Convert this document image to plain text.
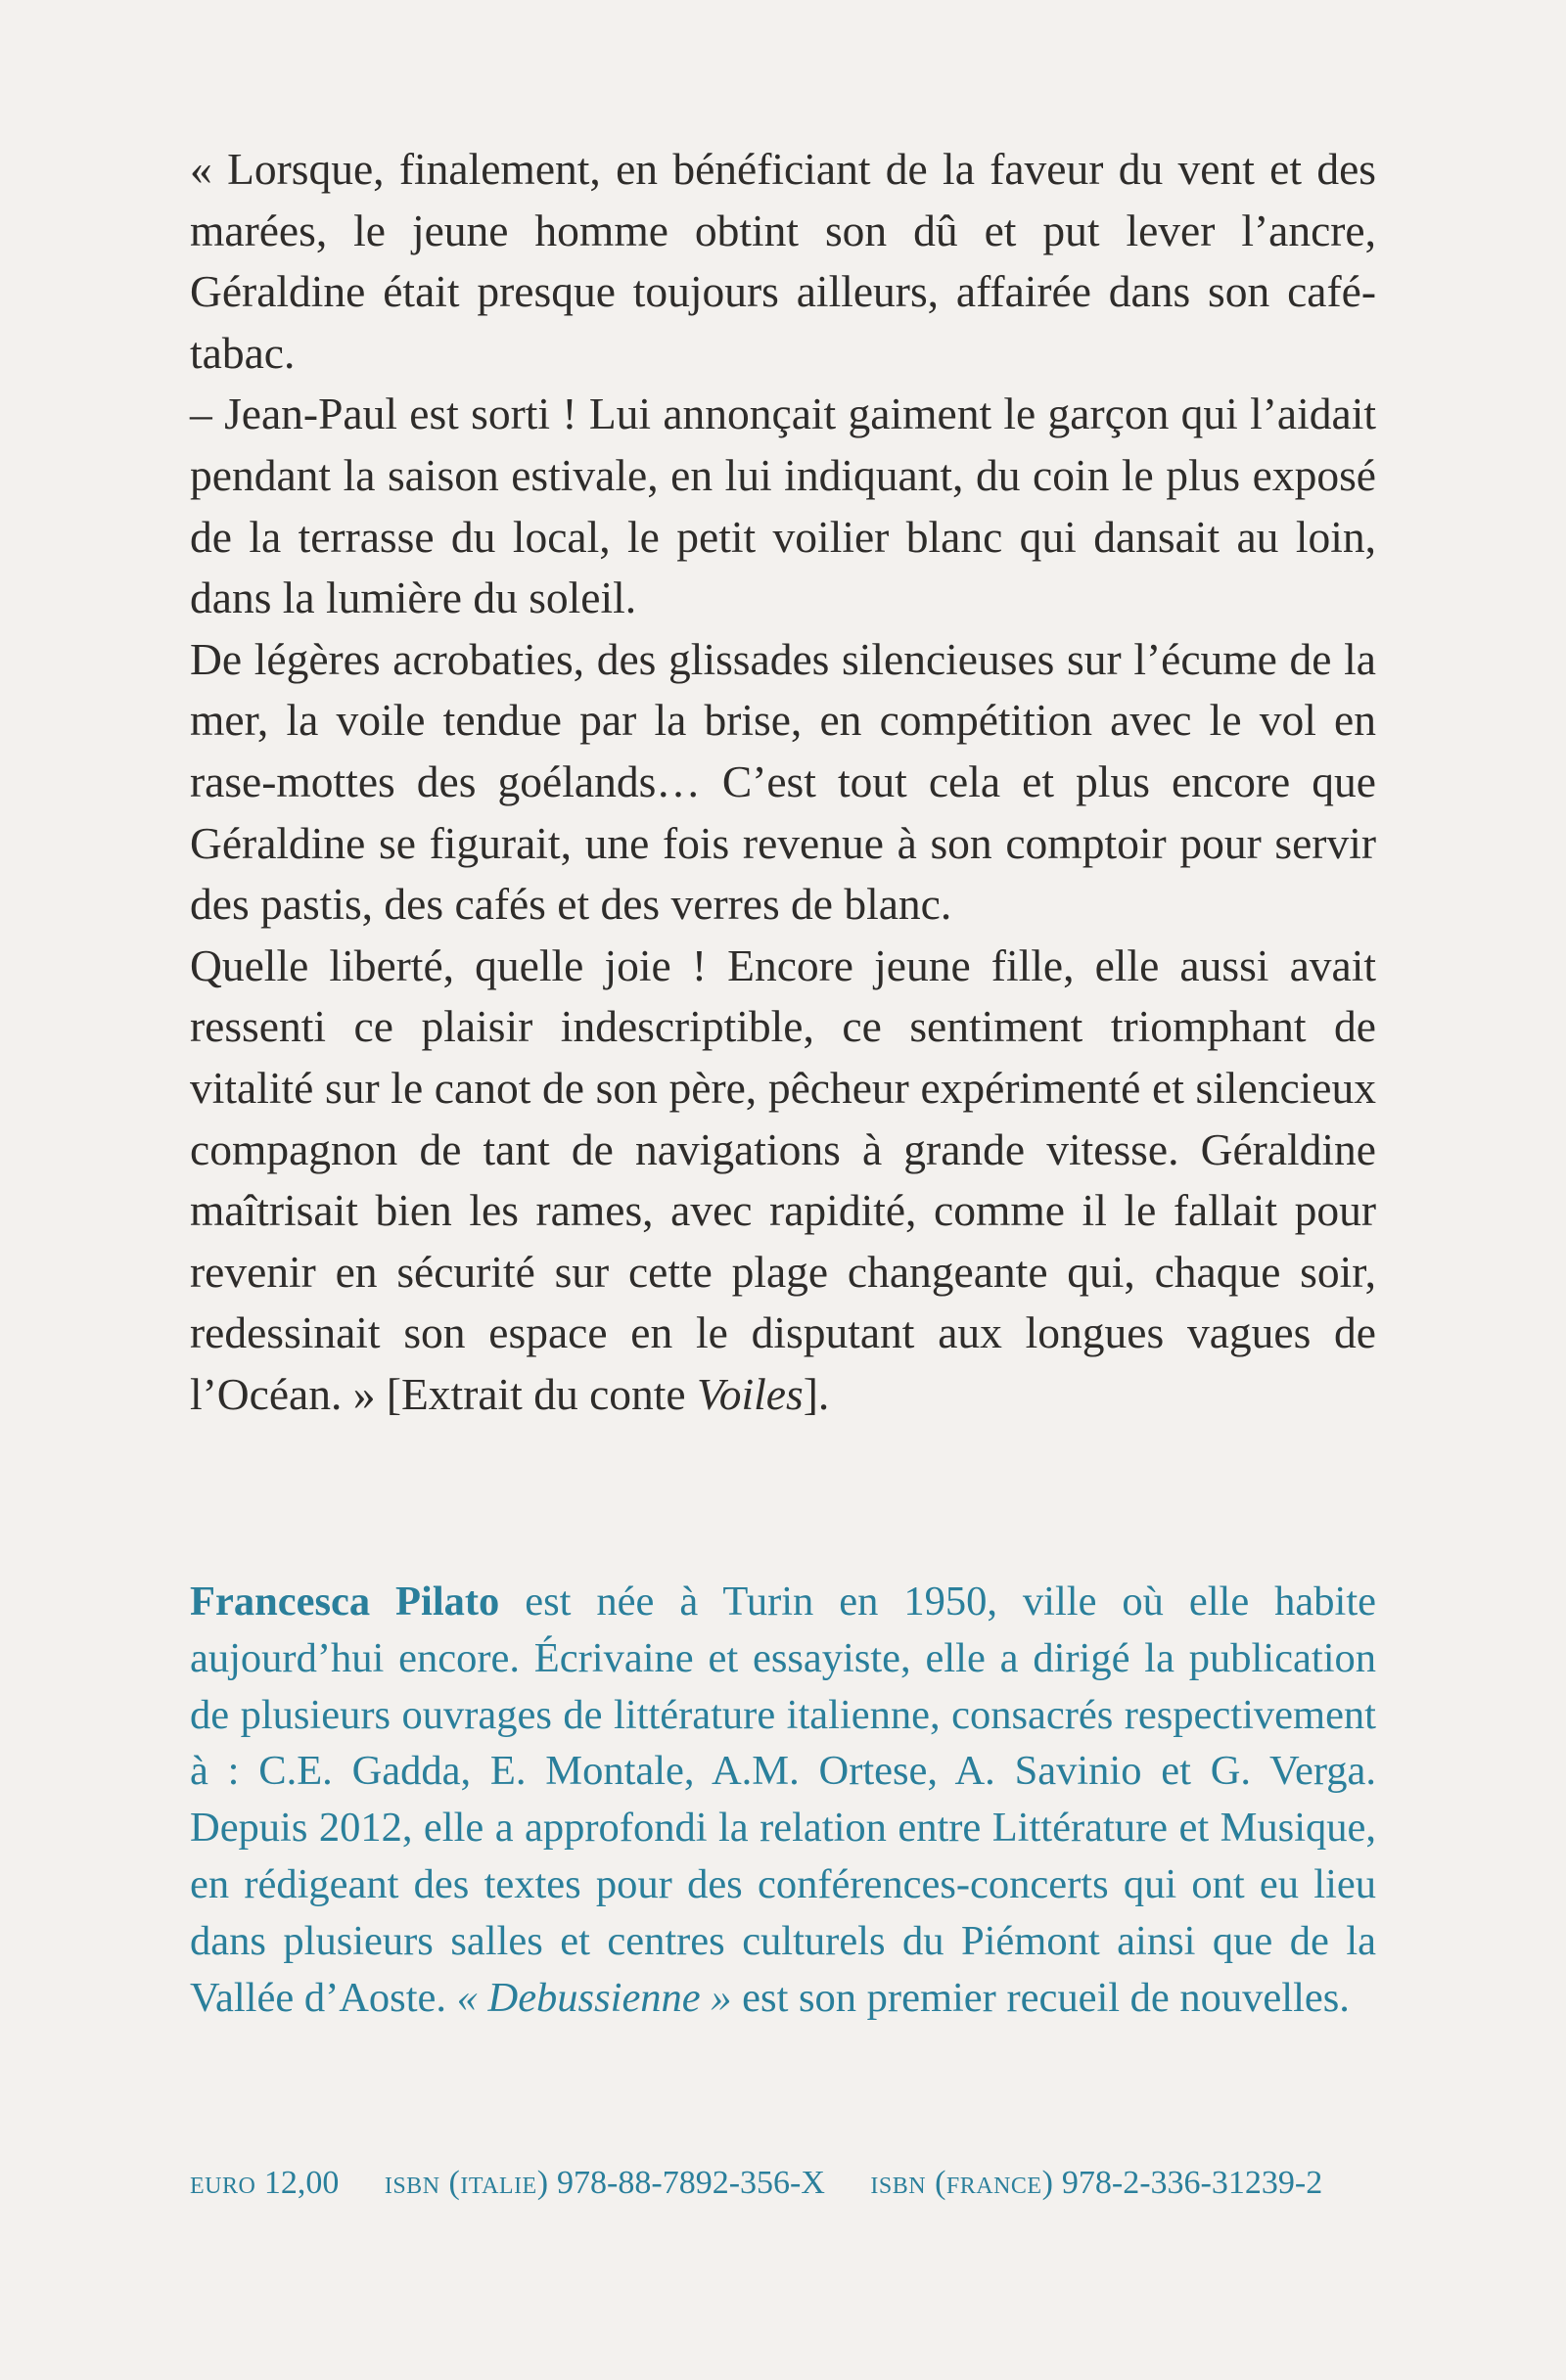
« Lorsque, finalement, en bénéficiant de la faveur du vent et des marées, le jeune homme obtint son dû et put lever l’ancre, Géraldine était presque toujours ailleurs, affairée dans son café-tabac.

– Jean-Paul est sorti ! Lui annonçait gaiment le garçon qui l’aidait pendant la saison estivale, en lui indiquant, du coin le plus exposé de la terrasse du local, le petit voilier blanc qui dansait au loin, dans la lumière du soleil.

De légères acrobaties, des glissades silencieuses sur l’écume de la mer, la voile tendue par la brise, en compétition avec le vol en rase-mottes des goélands… C’est tout cela et plus encore que Géraldine se figurait, une fois revenue à son comptoir pour servir des pastis, des cafés et des verres de blanc.

Quelle liberté, quelle joie ! Encore jeune fille, elle aussi avait ressenti ce plaisir indescriptible, ce sentiment triomphant de vitalité sur le canot de son père, pêcheur expérimenté et silencieux compagnon de tant de navigations à grande vitesse. Géraldine maîtrisait bien les rames, avec rapidité, comme il le fallait pour revenir en sécurité sur cette plage changeante qui, chaque soir, redessinait son espace en le disputant aux longues vagues de l’Océan. » [Extrait du conte Voiles].

Francesca Pilato est née à Turin en 1950, ville où elle habite aujourd’hui encore. Écrivaine et essayiste, elle a dirigé la publication de plusieurs ouvrages de littérature italienne, consacrés respectivement à : C.E. Gadda, E. Montale, A.M. Ortese, A. Savinio et G. Verga. Depuis 2012, elle a approfondi la relation entre Littérature et Musique, en rédigeant des textes pour des conférences-concerts qui ont eu lieu dans plusieurs salles et centres culturels du Piémont ainsi que de la Vallée d’Aoste. « Debussienne » est son premier recueil de nouvelles.

euro 12,00 isbn (italie) 978-88-7892-356-X isbn (france) 978-2-336-31239-2
